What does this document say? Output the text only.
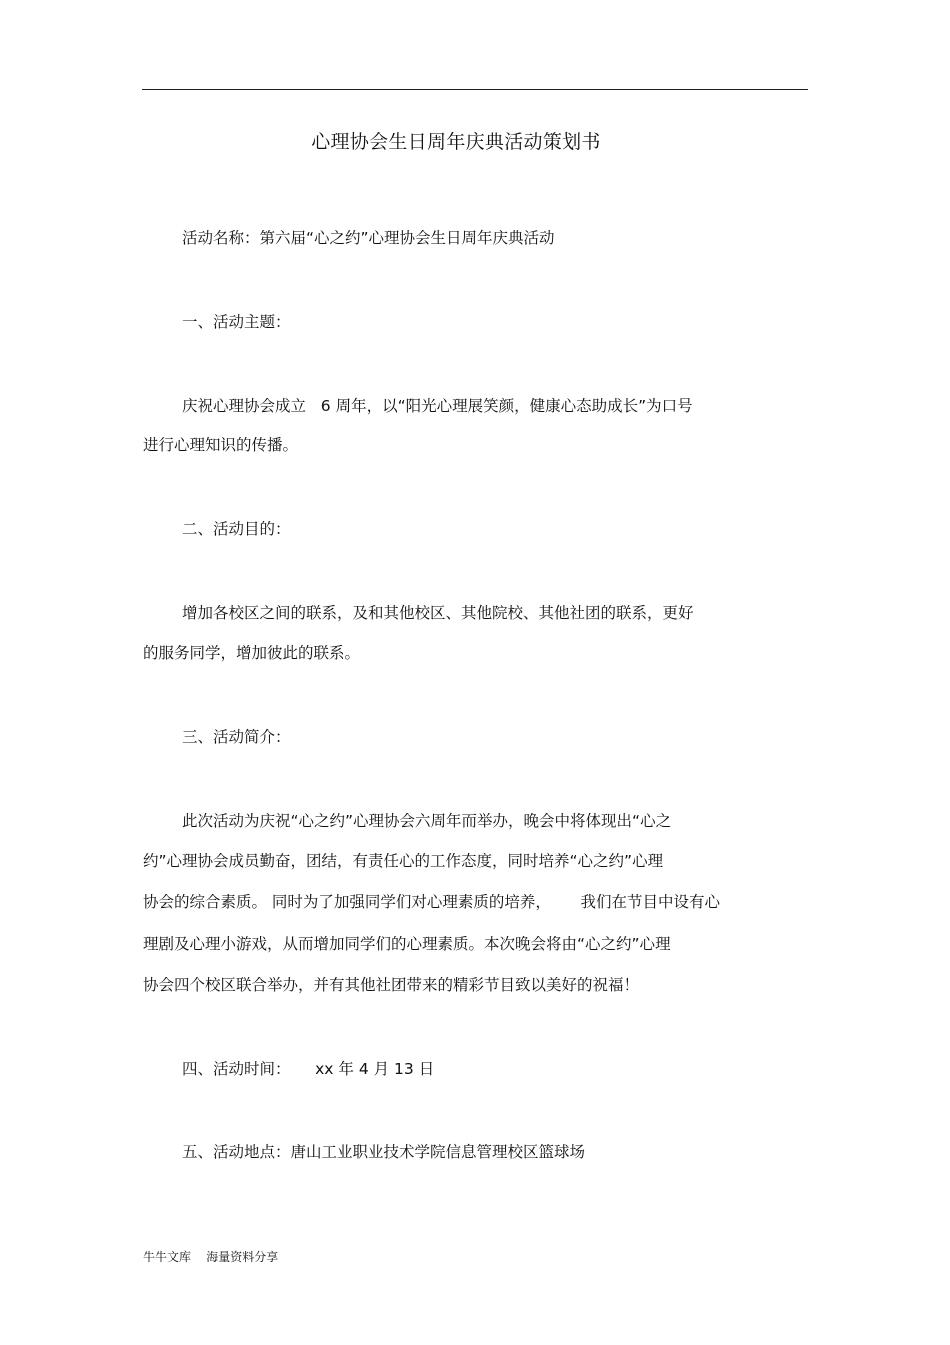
心理协会生日周年庆典活动策划书
活动名称：第六届“心之约”心理协会生日周年庆典活动
一、活动主题：
庆祝心理协会成立   6 周年，以“阳光心理展笑颜，健康心态助成长”为口号
进行心理知识的传播。
二、活动目的：
增加各校区之间的联系，及和其他校区、其他院校、其他社团的联系，更好
的服务同学，增加彼此的联系。
三、活动简介：
此次活动为庆祝“心之约”心理协会六周年而举办，晚会中将体现出“心之
约”心理协会成员勤奋，团结，有责任心的工作态度，同时培养“心之约”心理
协会的综合素质。 同时为了加强同学们对心理素质的培养，      我们在节目中设有心
理剧及心理小游戏，从而增加同学们的心理素质。本次晚会将由“心之约”心理
协会四个校区联合举办，并有其他社团带来的精彩节目致以美好的祝福！
四、活动时间：     xx 年 4 月 13 日
五、活动地点：唐山工业职业技术学院信息管理校区篮球场
牛牛文库    海量资料分享
